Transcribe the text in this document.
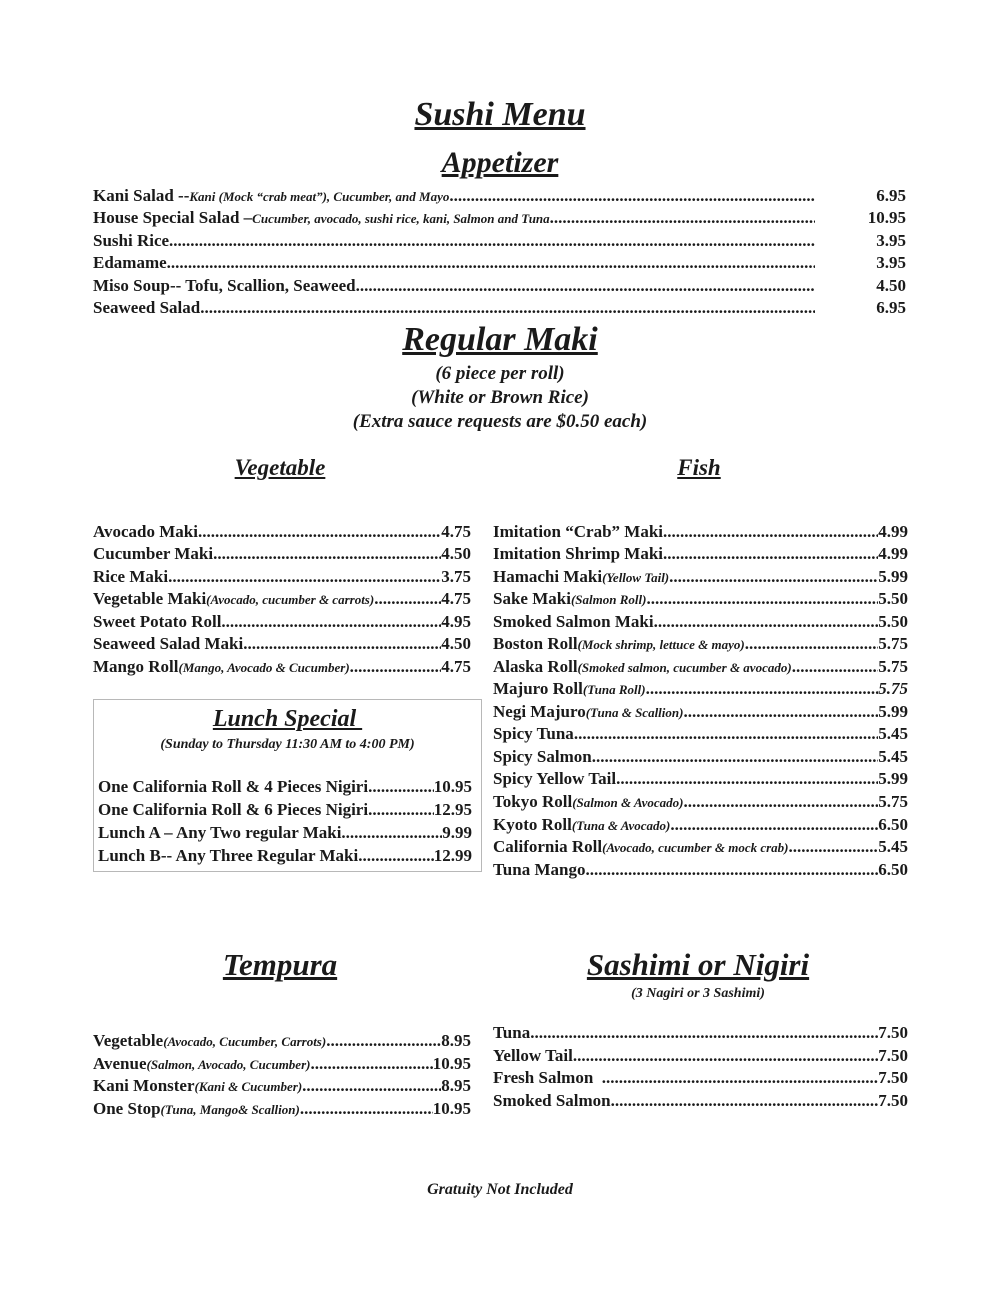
Sushi Menu
Appetizer
Kani Salad -- Kani (Mock “crab meat”), Cucumber, and Mayo .....	6.95
House Special Salad – Cucumber, avocado, sushi rice, kani, Salmon and Tuna .....	10.95
Sushi Rice .....	3.95
Edamame .....	3.95
Miso Soup-- Tofu, Scallion, Seaweed .....	4.50
Seaweed Salad .....	6.95
Regular Maki
(6 piece per roll)
(White or Brown Rice)
(Extra sauce requests are $0.50 each)
Vegetable	Fish
Avocado Maki .....	4.75
Cucumber Maki .....	4.50
Rice Maki .....	3.75
Vegetable Maki (Avocado, cucumber & carrots) .....	4.75
Sweet Potato Roll .....	4.95
Seaweed Salad Maki .....	4.50
Mango Roll (Mango, Avocado & Cucumber) .....	4.75
Imitation “Crab” Maki .....	4.99
Imitation Shrimp Maki .....	4.99
Hamachi Maki (Yellow Tail) .....	5.99
Sake Maki (Salmon Roll) .....	5.50
Smoked Salmon Maki .....	5.50
Boston Roll (Mock shrimp, lettuce & mayo) .....	5.75
Alaska Roll (Smoked salmon, cucumber & avocado) .....	5.75
Majuro Roll (Tuna Roll) .....	5.75
Negi Majuro (Tuna & Scallion) .....	5.99
Spicy Tuna .....	5.45
Spicy Salmon .....	5.45
Spicy Yellow Tail .....	5.99
Tokyo Roll (Salmon & Avocado) .....	5.75
Kyoto Roll (Tuna & Avocado) .....	6.50
California Roll (Avocado, cucumber & mock crab) .....	5.45
Tuna Mango .....	6.50
Lunch Special
(Sunday to Thursday 11:30 AM to 4:00 PM)
One California Roll & 4 Pieces Nigiri .....	10.95
One California Roll & 6 Pieces Nigiri .....	12.95
Lunch A – Any Two regular Maki .....	9.99
Lunch B-- Any Three Regular Maki .....	12.99
Tempura
Vegetable (Avocado, Cucumber, Carrots) .....	8.95
Avenue (Salmon, Avocado, Cucumber) .....	10.95
Kani Monster (Kani & Cucumber) .....	8.95
One Stop (Tuna, Mango& Scallion) .....	10.95
Sashimi or Nigiri
(3 Nagiri or 3 Sashimi)
Tuna .....	7.50
Yellow Tail .....	7.50
Fresh Salmon .....	7.50
Smoked Salmon .....	7.50
Gratuity Not Included
